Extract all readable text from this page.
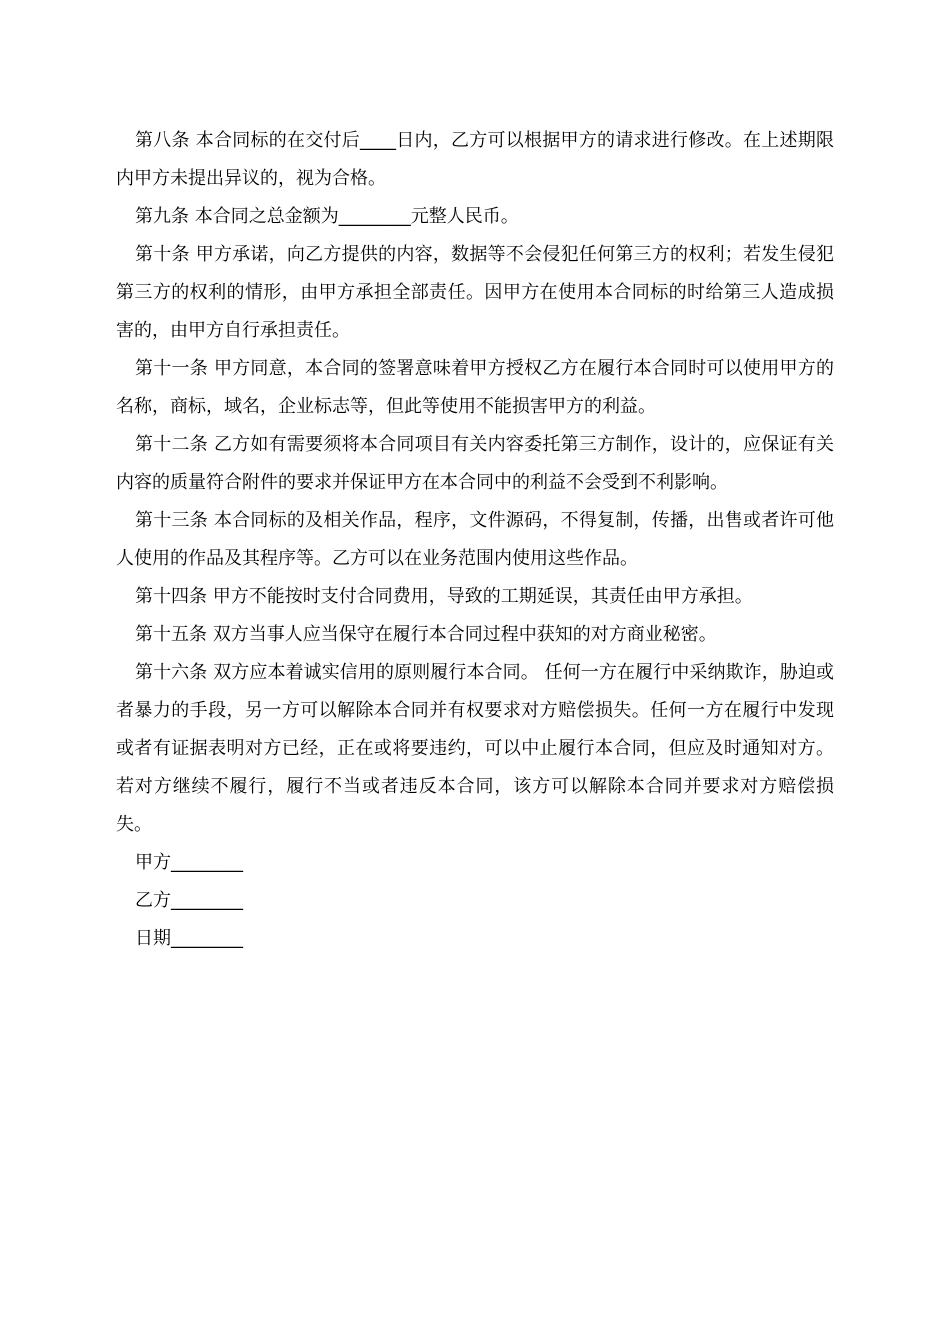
第八条 本合同标的在交付后____日内，乙方可以根据甲方的请求进行修改。在上述期限内甲方未提出异议的，视为合格。

第九条 本合同之总金额为________元整人民币。

第十条 甲方承诺，向乙方提供的内容，数据等不会侵犯任何第三方的权利；若发生侵犯第三方的权利的情形，由甲方承担全部责任。因甲方在使用本合同标的时给第三人造成损害的，由甲方自行承担责任。

第十一条 甲方同意，本合同的签署意味着甲方授权乙方在履行本合同时可以使用甲方的名称，商标，域名，企业标志等，但此等使用不能损害甲方的利益。

第十二条 乙方如有需要须将本合同项目有关内容委托第三方制作，设计的，应保证有关内容的质量符合附件的要求并保证甲方在本合同中的利益不会受到不利影响。

第十三条 本合同标的及相关作品，程序，文件源码，不得复制，传播，出售或者许可他人使用的作品及其程序等。乙方可以在业务范围内使用这些作品。

第十四条 甲方不能按时支付合同费用，导致的工期延误，其责任由甲方承担。

第十五条 双方当事人应当保守在履行本合同过程中获知的对方商业秘密。

第十六条 双方应本着诚实信用的原则履行本合同。 任何一方在履行中采纳欺诈，胁迫或者暴力的手段，另一方可以解除本合同并有权要求对方赔偿损失。任何一方在履行中发现或者有证据表明对方已经，正在或将要违约，可以中止履行本合同，但应及时通知对方。若对方继续不履行，履行不当或者违反本合同，该方可以解除本合同并要求对方赔偿损失。

甲方________

乙方________

日期________
